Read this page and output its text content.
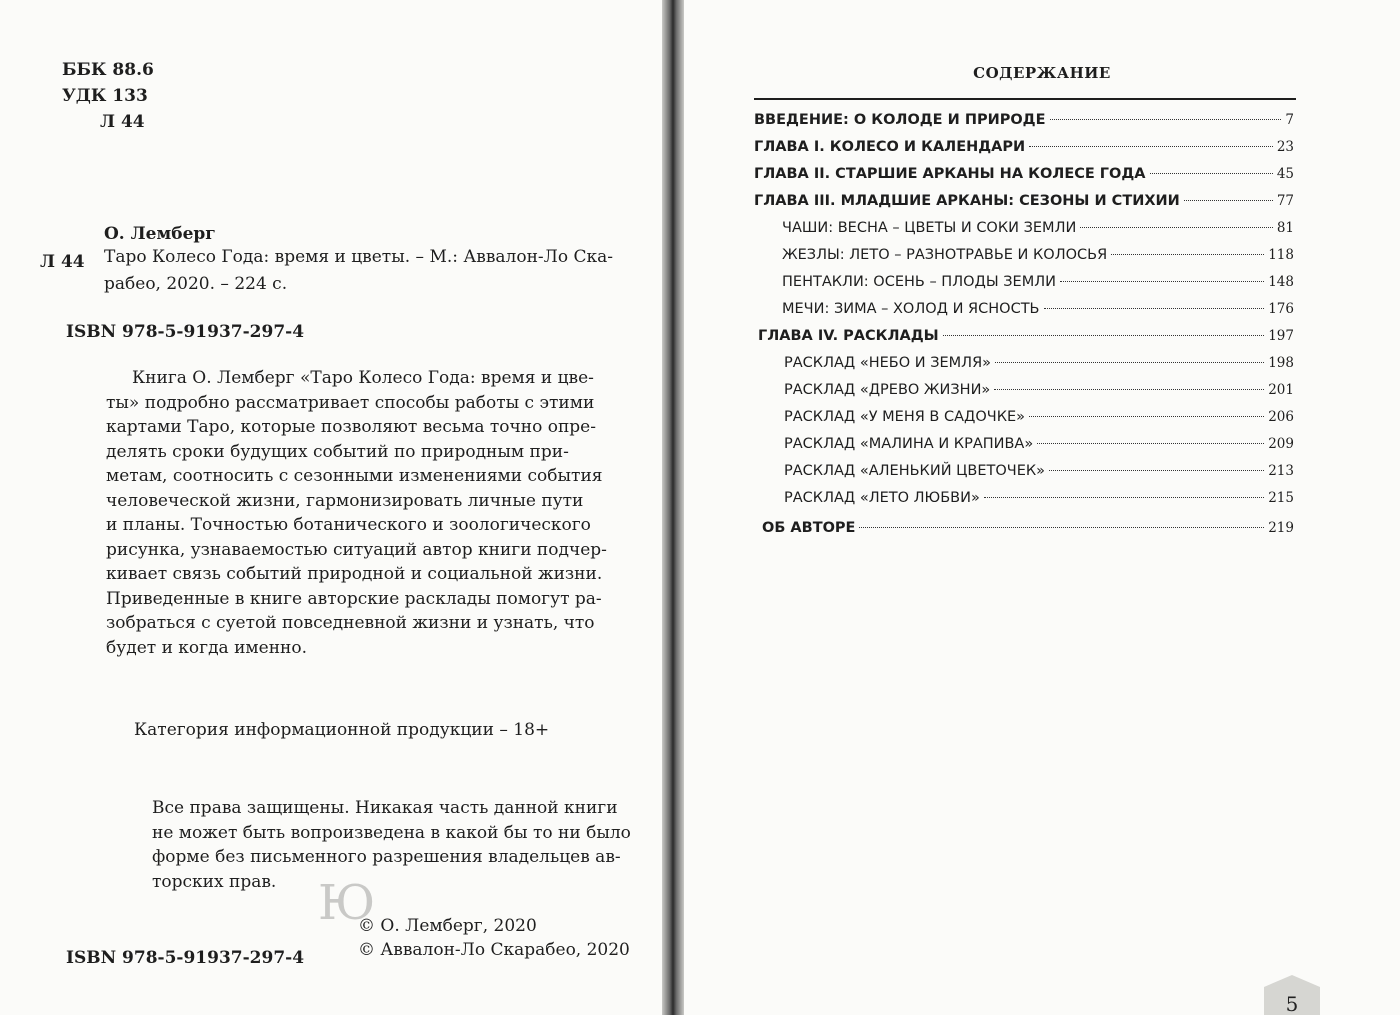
ББК 88.6
УДК 133
Л 44
О. Лемберг
Л 44 Таро Колесо Года: время и цветы. – М.: Аввалон-Ло Ска-
рабео, 2020. – 224 с.
ISBN 978-5-91937-297-4
Книга О. Лемберг «Таро Колесо Года: время и цве-
ты» подробно рассматривает способы работы с этими
картами Таро, которые позволяют весьма точно опре-
делять сроки будущих событий по природным при-
метам, соотносить с сезонными изменениями события
человеческой жизни, гармонизировать личные пути
и планы. Точностью ботанического и зоологического
рисунка, узнаваемостью ситуаций автор книги подчер-
кивает связь событий природной и социальной жизни.
Приведенные в книге авторские расклады помогут ра-
зобраться с суетой повседневной жизни и узнать, что
будет и когда именно.
Категория информационной продукции – 18+
Все права защищены. Никакая часть данной книги
не может быть вопроизведена в какой бы то ни было
форме без письменного разрешения владельцев ав-
торских прав. Ю
© О. Лемберг, 2020
© Аввалон-Ло Скарабео, 2020
ISBN 978-5-91937-297-4
СОДЕРЖАНИЕ
ВВЕДЕНИЕ: О КОЛОДЕ И ПРИРОДЕ	7
ГЛАВА I. КОЛЕСО И КАЛЕНДАРИ	23
ГЛАВА II. СТАРШИЕ АРКАНЫ НА КОЛЕСЕ ГОДА	45
ГЛАВА III. МЛАДШИЕ АРКАНЫ: СЕЗОНЫ И СТИХИИ	77
ЧАШИ: ВЕСНА – ЦВЕТЫ И СОКИ ЗЕМЛИ	81
ЖЕЗЛЫ: ЛЕТО – РАЗНОТРАВЬЕ И КОЛОСЬЯ	118
ПЕНТАКЛИ: ОСЕНЬ – ПЛОДЫ ЗЕМЛИ	148
МЕЧИ: ЗИМА – ХОЛОД И ЯСНОСТЬ	176
ГЛАВА IV. РАСКЛАДЫ	197
РАСКЛАД «НЕБО И ЗЕМЛЯ»	198
РАСКЛАД «ДРЕВО ЖИЗНИ»	201
РАСКЛАД «У МЕНЯ В САДОЧКЕ»	206
РАСКЛАД «МАЛИНА И КРАПИВА»	209
РАСКЛАД «АЛЕНЬКИЙ ЦВЕТОЧЕК»	213
РАСКЛАД «ЛЕТО ЛЮБВИ»	215
ОБ АВТОРЕ	219
5
